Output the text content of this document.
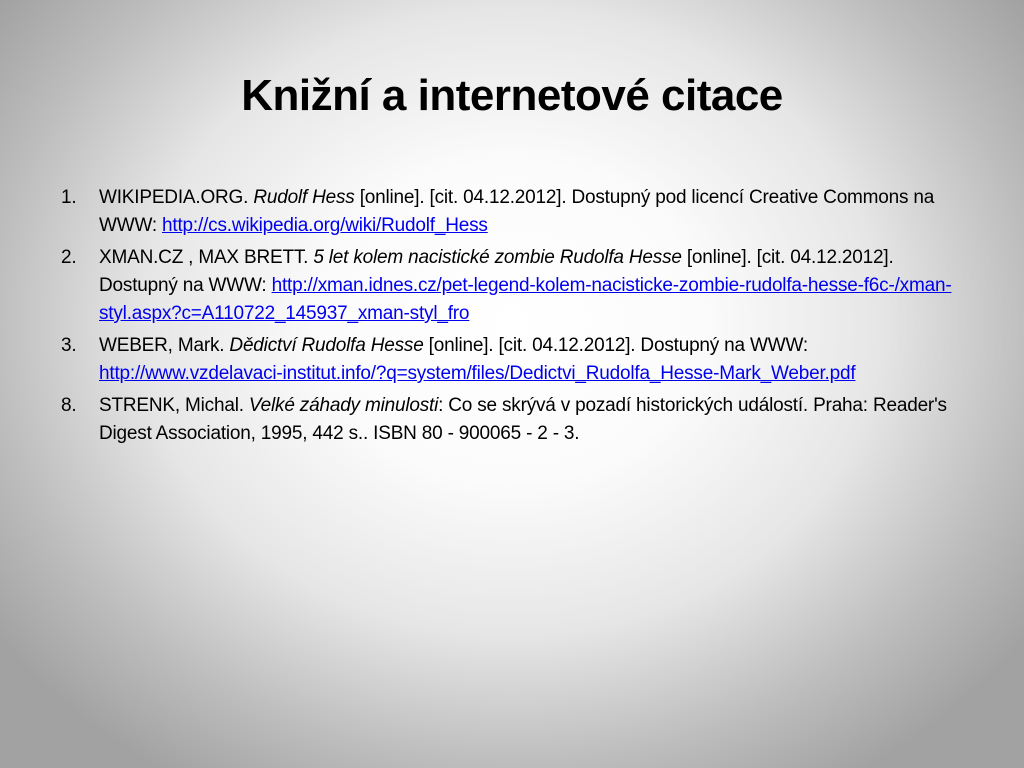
Knižní a internetové citace
1. WIKIPEDIA.ORG. Rudolf Hess [online]. [cit. 04.12.2012]. Dostupný pod licencí Creative Commons na WWW: http://cs.wikipedia.org/wiki/Rudolf_Hess
2. XMAN.CZ , MAX BRETT. 5 let kolem nacistické zombie Rudolfa Hesse [online]. [cit. 04.12.2012]. Dostupný na WWW: http://xman.idnes.cz/pet-legend-kolem-nacisticke-zombie-rudolfa-hesse-f6c-/xman-styl.aspx?c=A110722_145937_xman-styl_fro
3. WEBER, Mark. Dědictví Rudolfa Hesse [online]. [cit. 04.12.2012]. Dostupný na WWW: http://www.vzdelavaci-institut.info/?q=system/files/Dedictvi_Rudolfa_Hesse-Mark_Weber.pdf
8. STRENK, Michal. Velké záhady minulosti: Co se skrývá v pozadí historických událostí. Praha: Reader's Digest Association, 1995, 442 s.. ISBN 80 - 900065 - 2 - 3.
